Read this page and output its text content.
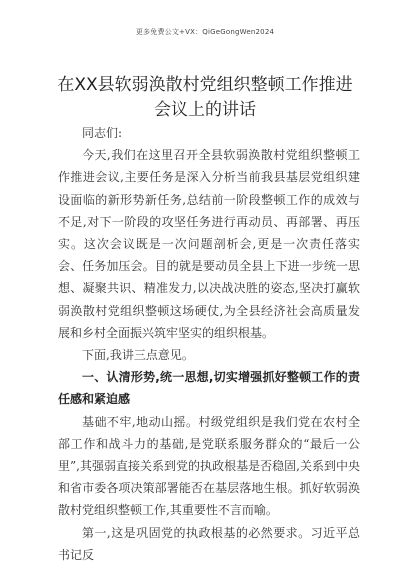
更多免费公文+VX：QiGeGongWen2024
在XX县软弱涣散村党组织整顿工作推进会议上的讲话

同志们:

今天,我们在这里召开全县软弱涣散村党组织整顿工作推进会议,主要任务是深入分析当前我县基层党组织建设面临的新形势新任务,总结前一阶段整顿工作的成效与不足,对下一阶段的攻坚任务进行再动员、再部署、再压实。这次会议既是一次问题剖析会,更是一次责任落实会、任务加压会。目的就是要动员全县上下进一步统一思想、凝聚共识、精准发力,以决战决胜的姿态,坚决打赢软弱涣散村党组织整顿这场硬仗,为全县经济社会高质量发展和乡村全面振兴筑牢坚实的组织根基。

下面,我讲三点意见。

一、认清形势,统一思想,切实增强抓好整顿工作的责任感和紧迫感

基础不牢,地动山摇。村级党组织是我们党在农村全部工作和战斗力的基础,是党联系服务群众的“最后一公里”,其强弱直接关系到党的执政根基是否稳固,关系到中央和省市委各项决策部署能否在基层落地生根。抓好软弱涣散村党组织整顿工作,其重要性不言而喻。

第一,这是巩固党的执政根基的必然要求。习近平总书记反
